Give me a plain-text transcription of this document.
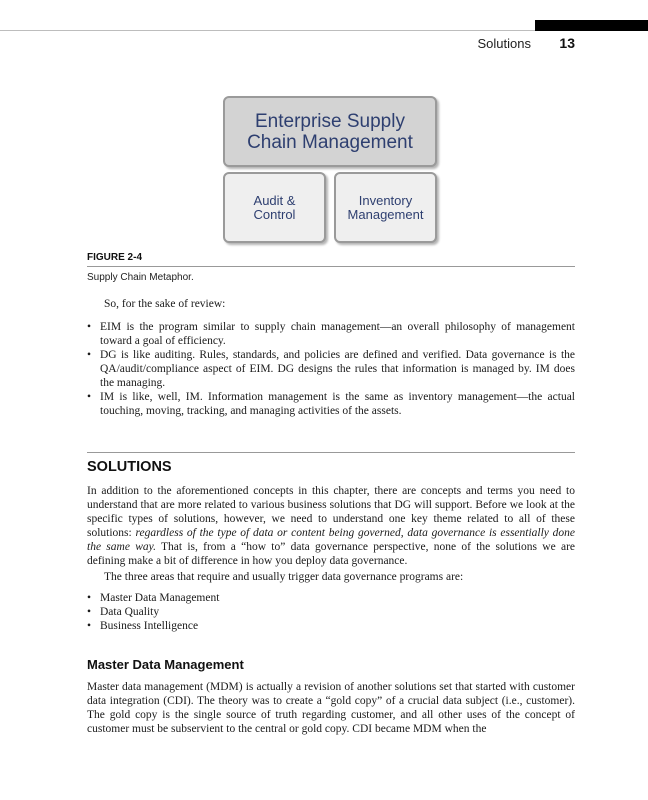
Solutions 13
Enterprise Supply
Chain Management
Audit &
Control
Inventory
Management
FIGURE 2-4
Supply Chain Metaphor.
So, for the sake of review:
• EIM is the program similar to supply chain management—an overall philosophy of management toward a goal of efficiency.
• DG is like auditing. Rules, standards, and policies are defined and verified. Data governance is the QA/audit/compliance aspect of EIM. DG designs the rules that information is managed by. IM does the managing.
• IM is like, well, IM. Information management is the same as inventory management—the actual touching, moving, tracking, and managing activities of the assets.
SOLUTIONS
In addition to the aforementioned concepts in this chapter, there are concepts and terms you need to understand that are more related to various business solutions that DG will support. Before we look at the specific types of solutions, however, we need to understand one key theme related to all of these solutions: regardless of the type of data or content being governed, data governance is essentially done the same way. That is, from a “how to” data governance perspective, none of the solutions we are defining make a bit of difference in how you deploy data governance.
The three areas that require and usually trigger data governance programs are:
• Master Data Management
• Data Quality
• Business Intelligence
Master Data Management
Master data management (MDM) is actually a revision of another solutions set that started with customer data integration (CDI). The theory was to create a “gold copy” of a crucial data subject (i.e., customer). The gold copy is the single source of truth regarding customer, and all other uses of the concept of customer must be subservient to the central or gold copy. CDI became MDM when the
